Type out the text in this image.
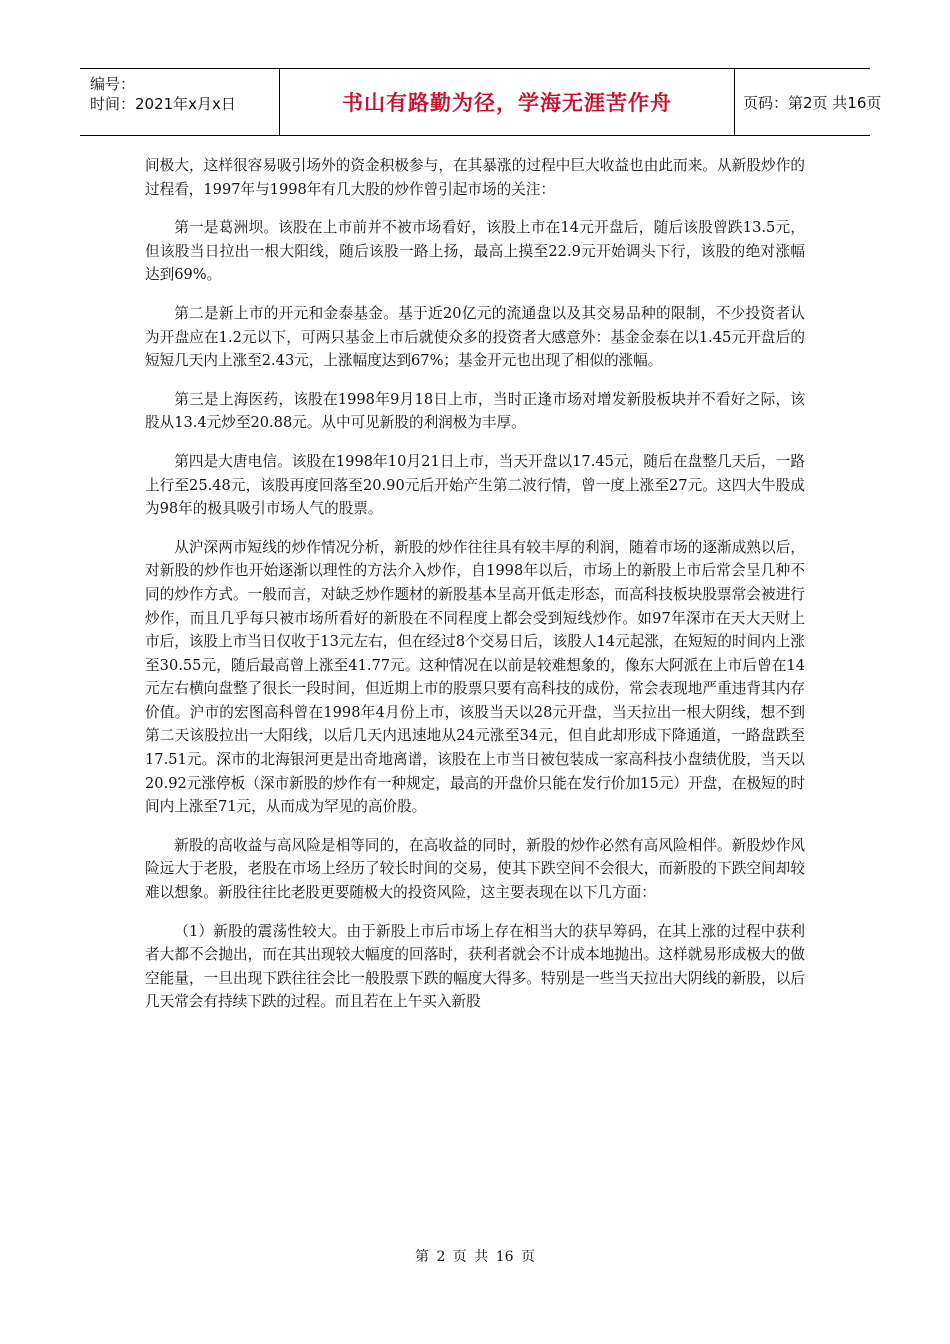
编号：
时间：2021年x月x日	书山有路勤为径，学海无涯苦作舟	页码：第2页 共16页

间极大，这样很容易吸引场外的资金积极参与，在其暴涨的过程中巨大收益也由此而来。从新股炒作的过程看，1997年与1998年有几大股的炒作曾引起市场的关注：

第一是葛洲坝。该股在上市前并不被市场看好，该股上市在14元开盘后，随后该股曾跌13.5元，但该股当日拉出一根大阳线，随后该股一路上扬，最高上摸至22.9元开始调头下行，该股的绝对涨幅达到69%。

第二是新上市的开元和金泰基金。基于近20亿元的流通盘以及其交易品种的限制，不少投资者认为开盘应在1.2元以下，可两只基金上市后就使众多的投资者大感意外：基金金泰在以1.45元开盘后的短短几天内上涨至2.43元，上涨幅度达到67%；基金开元也出现了相似的涨幅。

第三是上海医药，该股在1998年9月18日上市，当时正逢市场对增发新股板块并不看好之际，该股从13.4元炒至20.88元。从中可见新股的利润极为丰厚。

第四是大唐电信。该股在1998年10月21日上市，当天开盘以17.45元，随后在盘整几天后，一路上行至25.48元，该股再度回落至20.90元后开始产生第二波行情，曾一度上涨至27元。这四大牛股成为98年的极具吸引市场人气的股票。

从沪深两市短线的炒作情况分析，新股的炒作往往具有较丰厚的利润，随着市场的逐渐成熟以后，对新股的炒作也开始逐渐以理性的方法介入炒作，自1998年以后，市场上的新股上市后常会呈几种不同的炒作方式。一般而言，对缺乏炒作题材的新股基本呈高开低走形态，而高科技板块股票常会被进行炒作，而且几乎每只被市场所看好的新股在不同程度上都会受到短线炒作。如97年深市在天大天财上市后，该股上市当日仅收于13元左右，但在经过8个交易日后，该股人14元起涨，在短短的时间内上涨至30.55元，随后最高曾上涨至41.77元。这种情况在以前是较难想象的，像东大阿派在上市后曾在14元左右横向盘整了很长一段时间，但近期上市的股票只要有高科技的成份，常会表现地严重违背其内存价值。沪市的宏图高科曾在1998年4月份上市，该股当天以28元开盘，当天拉出一根大阴线，想不到第二天该股拉出一大阳线，以后几天内迅速地从24元涨至34元，但自此却形成下降通道，一路盘跌至17.51元。深市的北海银河更是出奇地离谱，该股在上市当日被包装成一家高科技小盘绩优股，当天以20.92元涨停板（深市新股的炒作有一种规定，最高的开盘价只能在发行价加15元）开盘，在极短的时间内上涨至71元，从而成为罕见的高价股。

新股的高收益与高风险是相等同的，在高收益的同时，新股的炒作必然有高风险相伴。新股炒作风险远大于老股，老股在市场上经历了较长时间的交易，使其下跌空间不会很大，而新股的下跌空间却较难以想象。新股往往比老股更要随极大的投资风险，这主要表现在以下几方面：

（1）新股的震荡性较大。由于新股上市后市场上存在相当大的获早筹码，在其上涨的过程中获利者大都不会抛出，而在其出现较大幅度的回落时，获利者就会不计成本地抛出。这样就易形成极大的做空能量，一旦出现下跌往往会比一般股票下跌的幅度大得多。特别是一些当天拉出大阴线的新股，以后几天常会有持续下跌的过程。而且若在上午买入新股

第 2 页 共 16 页
